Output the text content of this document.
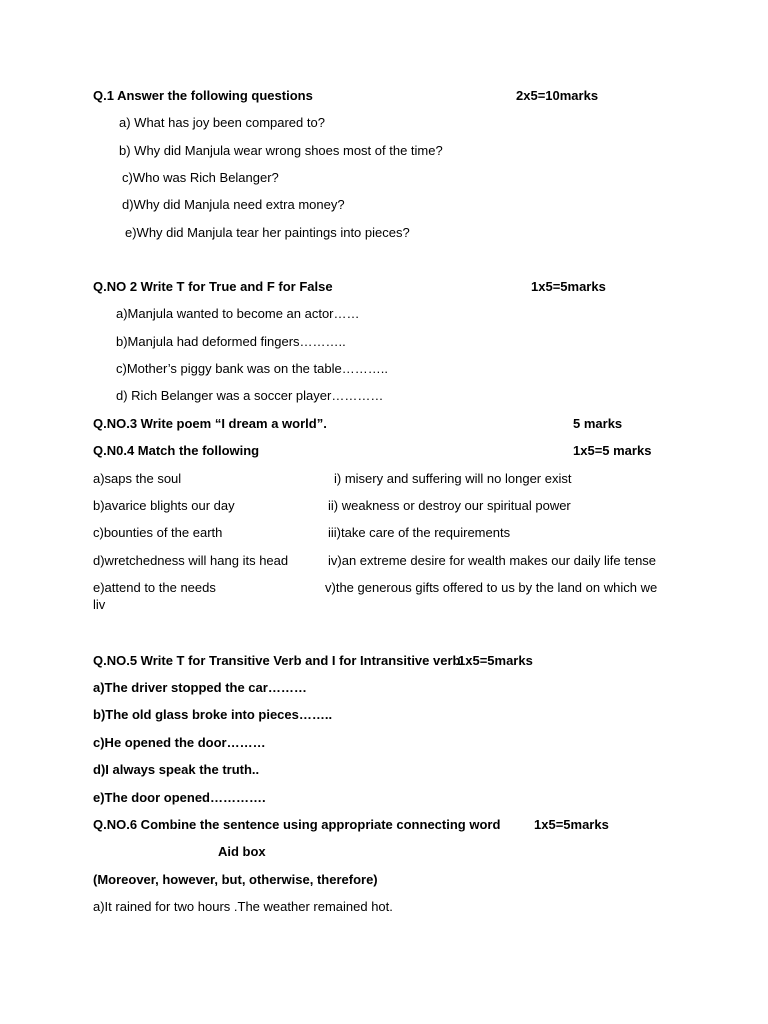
Q.1 Answer the following questions	2x5=10marks
a) What has joy been compared to?
b) Why did Manjula wear wrong shoes most of the time?
c)Who was Rich Belanger?
d)Why did Manjula need extra money?
e)Why did Manjula tear her paintings into pieces?
Q.NO 2 Write T for True and F for False	1x5=5marks
a)Manjula wanted to become an actor……
b)Manjula had deformed fingers………..
c)Mother’s piggy bank was on the table………..
d) Rich Belanger was a soccer player…………
Q.NO.3 Write poem “I dream a world”.	5 marks
Q.N0.4 Match the following	1x5=5 marks
a)saps the soul	i) misery and suffering will no longer exist
b)avarice blights our day	ii) weakness or destroy our spiritual power
c)bounties of the earth	iii)take care of the requirements
d)wretchedness will hang its head	iv)an extreme desire for wealth makes our daily life tense
e)attend to the needs	v)the generous gifts offered to us by the land on which we
liv
Q.NO.5 Write T for Transitive Verb and I for Intransitive verb
1x5=5marks
a)The driver stopped the car………
b)The old glass broke into pieces……..
c)He opened the door………
d)I always speak the truth..
e)The door opened………….
Q.NO.6 Combine the sentence using appropriate connecting word	1x5=5marks
Aid box
(Moreover, however, but, otherwise, therefore)
a)It rained for two hours .The weather remained hot.
